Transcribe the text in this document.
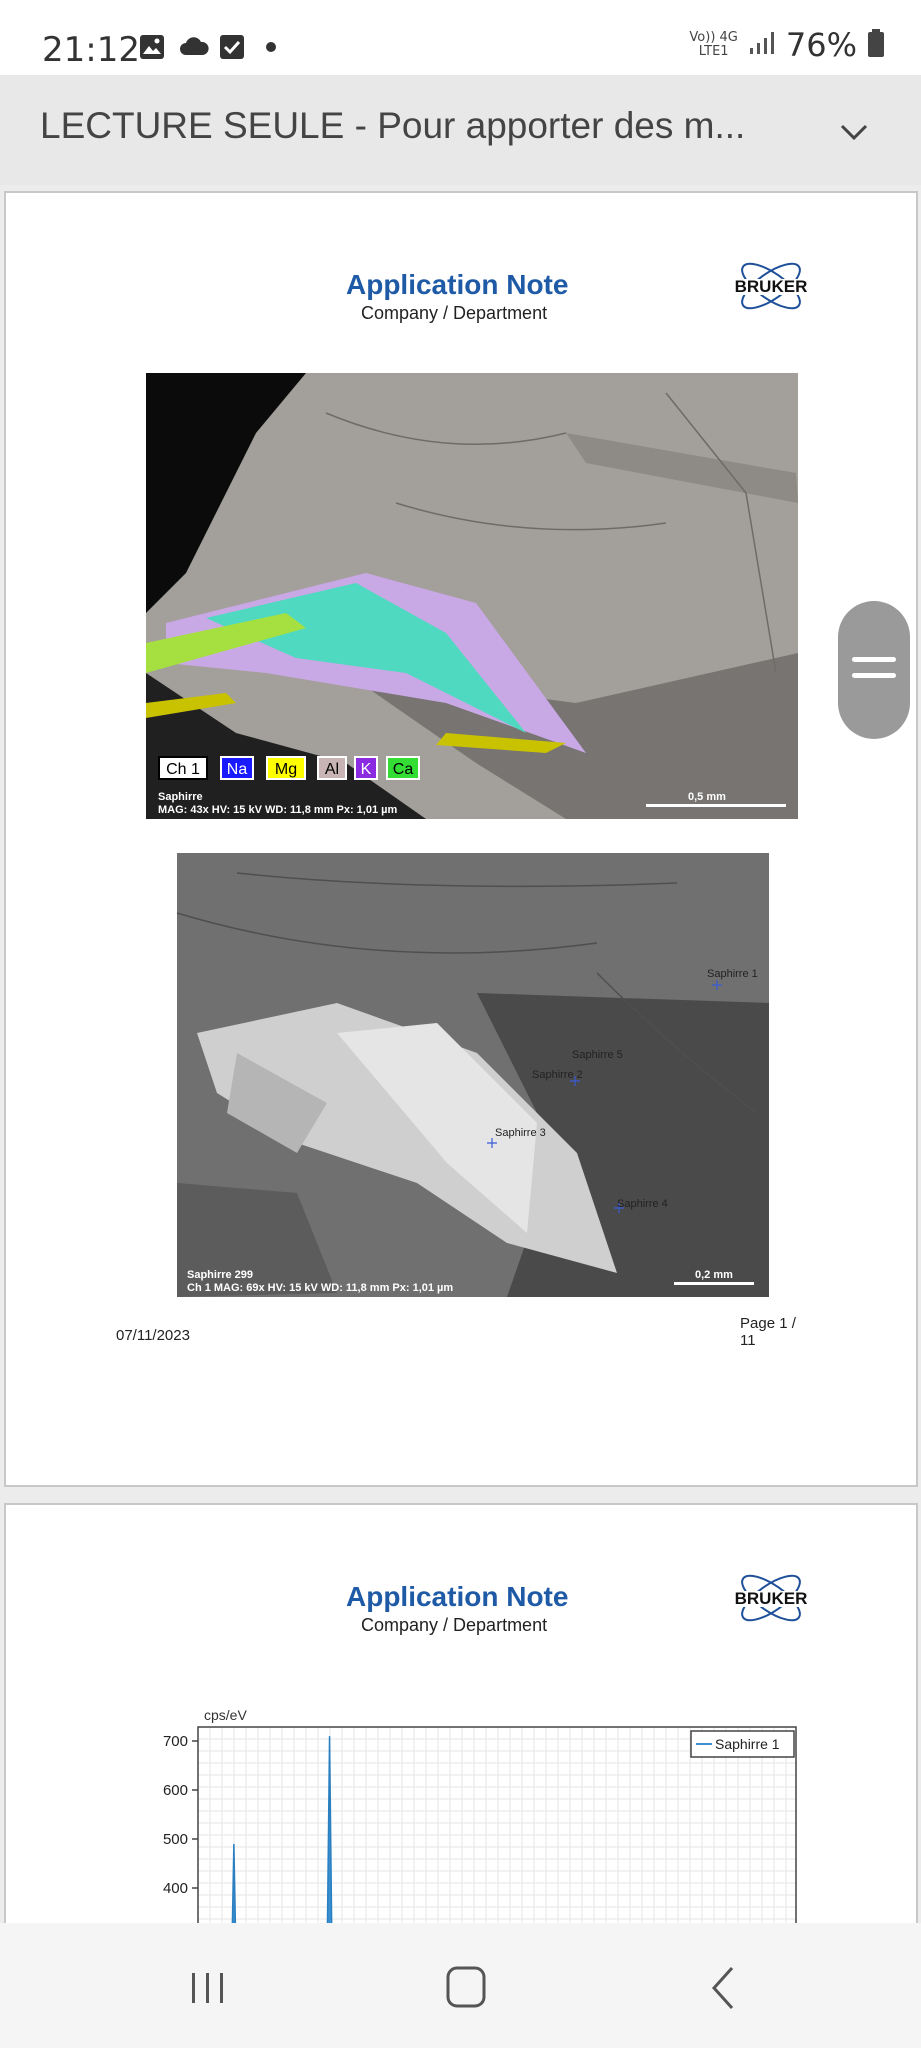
21:12	Vo)) 4G
LTE1 76%
LECTURE SEULE - Pour apporter des m...
Application Note
Company / Department
BRUKER
Ch 1	Na	Mg	Al	K	Ca
Saphirre
MAG: 43x HV: 15 kV WD: 11,8 mm Px: 1,01 µm
0,5 mm
Saphirre 1
Saphirre 5
Saphirre 2
Saphirre 3
Saphirre 4
Saphirre 299
Ch 1 MAG: 69x HV: 15 kV WD: 11,8 mm Px: 1,01 µm
0,2 mm
07/11/2023
Page 1 / 11
Application Note
Company / Department
BRUKER
cps/eV
400
500
600
700	Saphirre 1
